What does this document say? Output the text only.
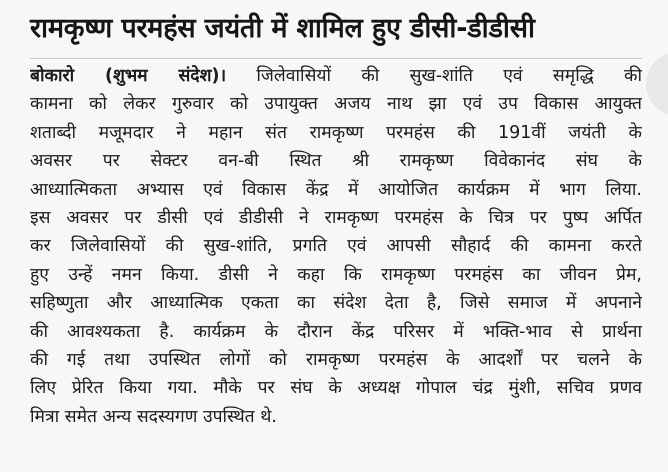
रामकृष्ण परमहंस जयंती में शामिल हुए डीसी-डीडीसी
बोकारो (शुभम संदेश)। जिलेवासियों की सुख-शांति एवं समृद्धि की
कामना को लेकर गुरुवार को उपायुक्त अजय नाथ झा एवं उप विकास आयुक्त
शताब्दी मजूमदार ने महान संत रामकृष्ण परमहंस की 191वीं जयंती के
अवसर पर सेक्टर वन-बी स्थित श्री रामकृष्ण विवेकानंद संघ के
आध्यात्मिकता अभ्यास एवं विकास केंद्र में आयोजित कार्यक्रम में भाग लिया.
इस अवसर पर डीसी एवं डीडीसी ने रामकृष्ण परमहंस के चित्र पर पुष्प अर्पित
कर जिलेवासियों की सुख-शांति, प्रगति एवं आपसी सौहार्द की कामना करते
हुए उन्हें नमन किया. डीसी ने कहा कि रामकृष्ण परमहंस का जीवन प्रेम,
सहिष्णुता और आध्यात्मिक एकता का संदेश देता है, जिसे समाज में अपनाने
की आवश्यकता है. कार्यक्रम के दौरान केंद्र परिसर में भक्ति-भाव से प्रार्थना
की गई तथा उपस्थित लोगों को रामकृष्ण परमहंस के आदर्शों पर चलने के
लिए प्रेरित किया गया. मौके पर संघ के अध्यक्ष गोपाल चंद्र मुंशी, सचिव प्रणव
मित्रा समेत अन्य सदस्यगण उपस्थित थे.
